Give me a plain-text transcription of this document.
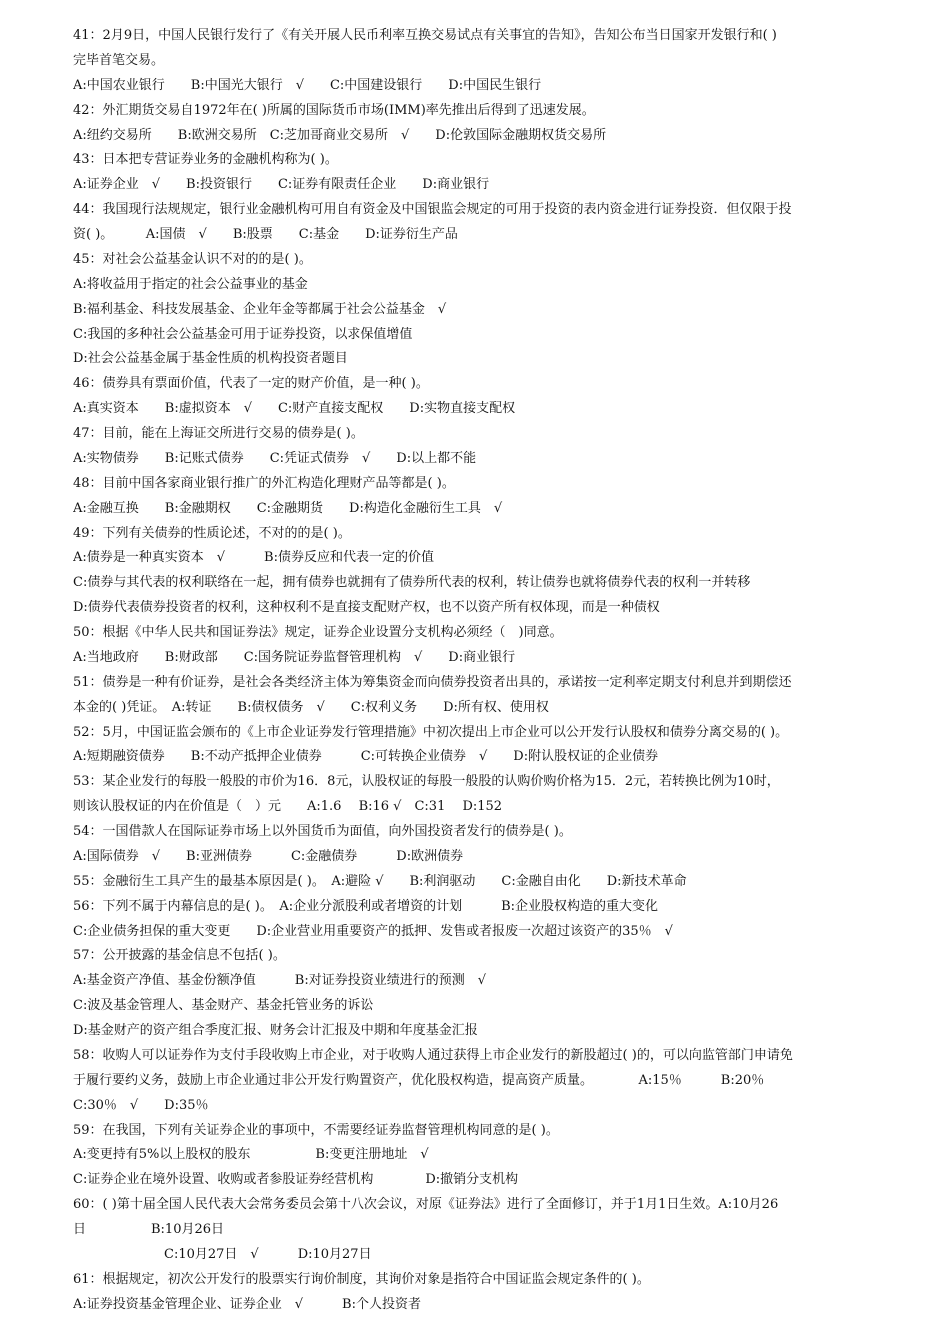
41：2月9日，中国人民银行发行了《有关开展人民币利率互换交易试点有关事宜的告知》，告知公布当日国家开发银行和( )
完毕首笔交易。
A:中国农业银行　　B:中国光大银行　√　　C:中国建设银行　　D:中国民生银行
42：外汇期货交易自1972年在( )所属的国际货币市场(IMM)率先推出后得到了迅速发展。
A:纽约交易所　　B:欧洲交易所　C:芝加哥商业交易所　√　　D:伦敦国际金融期权货交易所
43：日本把专营证券业务的金融机构称为( )。
A:证券企业　√　　B:投资银行　　C:证券有限责任企业　　D:商业银行
44：我国现行法规规定，银行业金融机构可用自有资金及中国银监会规定的可用于投资的表内资金进行证券投资．但仅限于投
资( )。　　　A:国债　√　　B:股票　　C:基金　　D:证券衍生产品
45：对社会公益基金认识不对的的是( )。
A:将收益用于指定的社会公益事业的基金
B:福利基金、科技发展基金、企业年金等都属于社会公益基金　√
C:我国的多种社会公益基金可用于证券投资，以求保值增值
D:社会公益基金属于基金性质的机构投资者题目
46：债券具有票面价值，代表了一定的财产价值，是一种( )。
A:真实资本　　B:虚拟资本　√　　C:财产直接支配权　　D:实物直接支配权
47：目前，能在上海证交所进行交易的债券是( )。
A:实物债券　　B:记账式债券　　C:凭证式债券　√　　D:以上都不能
48：目前中国各家商业银行推广的外汇构造化理财产品等都是( )。
A:金融互换　　B:金融期权　　C:金融期货　　D:构造化金融衍生工具　√
49：下列有关债券的性质论述，不对的的是( )。
A:债券是一种真实资本　√　　　B:债券反应和代表一定的价值
C:债券与其代表的权利联络在一起，拥有债券也就拥有了债券所代表的权利，转让债券也就将债券代表的权利一并转移
D:债券代表债券投资者的权利，这种权利不是直接支配财产权，也不以资产所有权体现，而是一种债权
50：根据《中华人民共和国证券法》规定，证券企业设置分支机构必须经（　)同意。
A:当地政府　　B:财政部　　C:国务院证券监督管理机构　√　　D:商业银行
51：债券是一种有价证券，是社会各类经济主体为筹集资金而向债券投资者出具的，承诺按一定利率定期支付利息并到期偿还
本金的( )凭证。　A:转证　　B:债权债务　√　　C:权利义务　　D:所有权、使用权
52：5月，中国证监会颁布的《上市企业证券发行管理措施》中初次提出上市企业可以公开发行认股权和债券分离交易的( )。
A:短期融资债券　　B:不动产抵押企业债券　　　C:可转换企业债券　√　　D:附认股权证的企业债券
53：某企业发行的每股一般股的市价为16．8元，认股权证的每股一般股的认购价购价格为15．2元，若转换比例为10时，
则该认股权证的内在价值是（　）元　　A:1.6　 B:16 √　C:31　 D:152
54：一国借款人在国际证券市场上以外国货币为面值，向外国投资者发行的债券是( )。
A:国际债券　√　　B:亚洲债券　　　C:金融债券　　　D:欧洲债券
55：金融衍生工具产生的最基本原因是( )。　A:避险 √　　B:利润驱动　　C:金融自由化　　D:新技术革命
56：下列不属于内幕信息的是( )。　A:企业分派股利或者增资的计划　　　B:企业股权构造的重大变化
C:企业债务担保的重大变更　　D:企业营业用重要资产的抵押、发售或者报废一次超过该资产的35％　√
57：公开披露的基金信息不包括( )。
A:基金资产净值、基金份额净值　　　B:对证券投资业绩进行的预测　√
C:波及基金管理人、基金财产、基金托管业务的诉讼
D:基金财产的资产组合季度汇报、财务会计汇报及中期和年度基金汇报
58：收购人可以证券作为支付手段收购上市企业，对于收购人通过获得上市企业发行的新股超过( )的，可以向监管部门申请免
于履行要约义务，鼓励上市企业通过非公开发行购置资产，优化股权构造，提高资产质量。　　　　A:15％　　　B:20％
C:30％　√　　D:35％
59：在我国，下列有关证券企业的事项中，不需要经证券监督管理机构同意的是( )。
A:变更持有5%以上股权的股东　　　　　B:变更注册地址　√
C:证券企业在境外设置、收购或者参股证券经营机构　　　　D:撤销分支机构
60：( )第十届全国人民代表大会常务委员会第十八次会议，对原《证券法》进行了全面修订，并于1月1日生效。A:10月26
日　　　　　B:10月26日
　　　　　　　C:10月27日　√　　　D:10月27日
61：根据规定，初次公开发行的股票实行询价制度，其询价对象是指符合中国证监会规定条件的( )。
A:证券投资基金管理企业、证券企业　√　　　B:个人投资者
